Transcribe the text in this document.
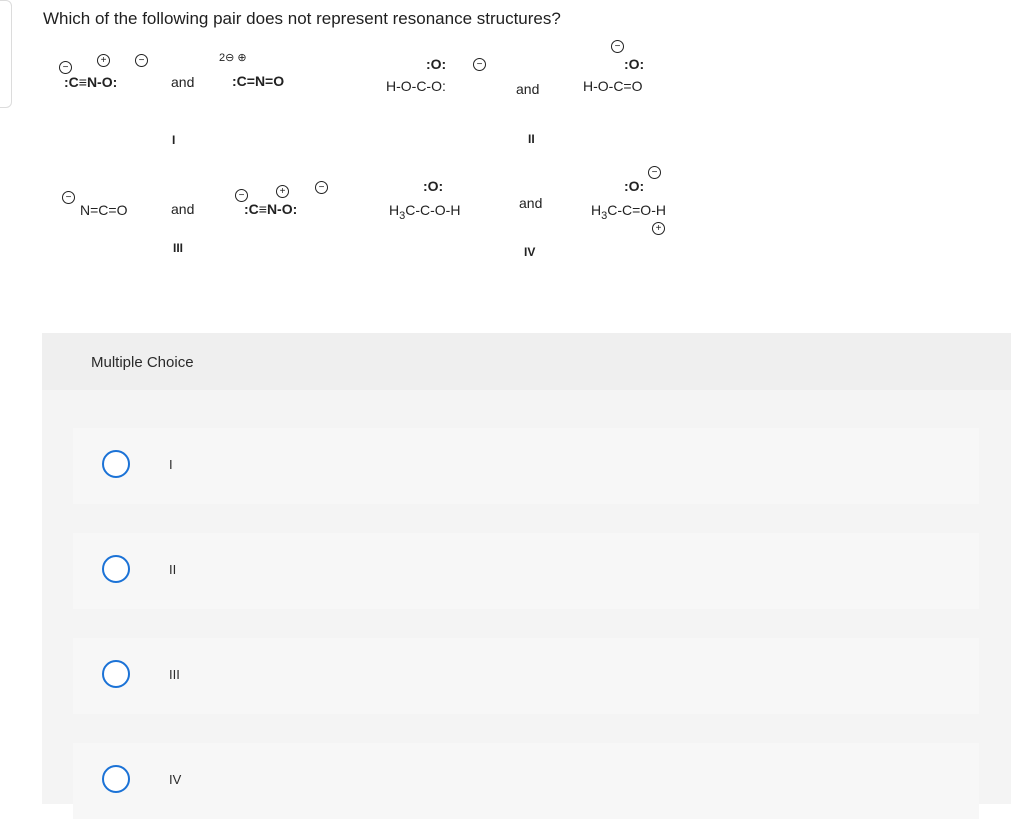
Which of the following pair does not represent resonance structures?
−
+	−
:C≡N-O:	and
2⊖ ⊕
:C=N=O
I
:O:	−
H-O-C-O:	and
−
:O:
H-O-C=O
II
−
N=C=O	and
−	+	−
:C≡N-O:
III
:O:
$H_3C-C-O-H$	and
−
:O:
$H_3C-C=O-H$
+
IV
Multiple Choice
I
II
III
IV
